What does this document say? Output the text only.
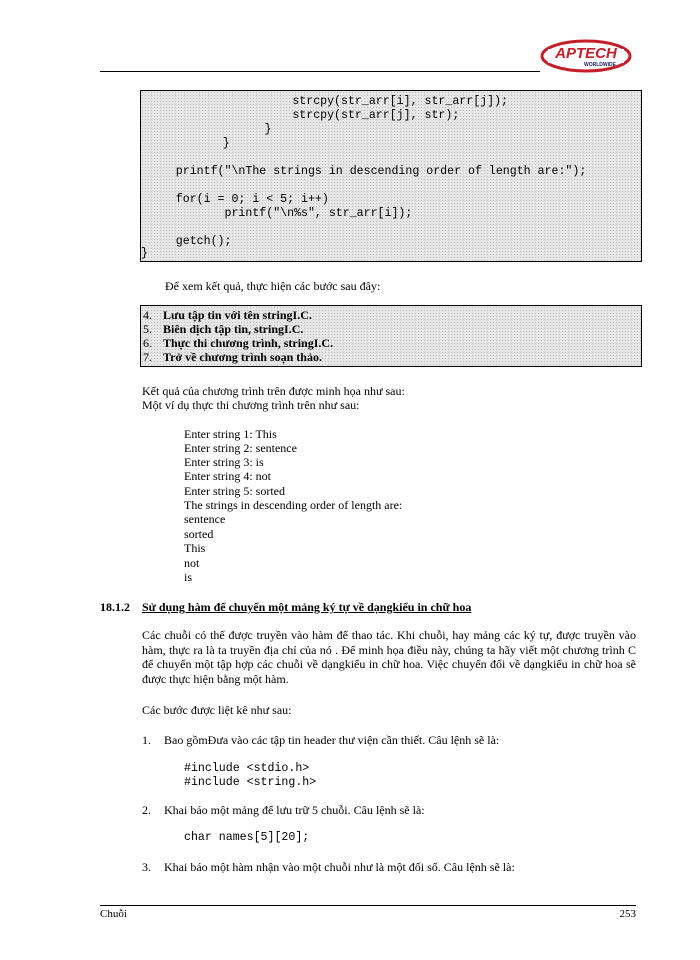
APTECH
WORLDWIDE
strcpy(str_arr[i], str_arr[j]);
strcpy(str_arr[j], str);
}
}
printf("\nThe strings in descending order of length are:");
for(i = 0; i < 5; i++)
printf("\n%s", str_arr[i]);
getch();
}
Để xem kết quả, thực hiện các bước sau đây:
4. Lưu tập tin với tên stringI.C.
5. Biên dịch tập tin, stringI.C.
6. Thực thi chương trình, stringI.C.
7. Trở về chương trình soạn thảo.
Kết quả của chương trình trên được minh họa như sau:
Một ví dụ thực thi chương trình trên như sau:
Enter string 1: This
Enter string 2: sentence
Enter string 3: is
Enter string 4: not
Enter string 5: sorted
The strings in descending order of length are:
sentence
sorted
This
not
is
18.1.2 Sử dụng hàm để chuyển một mảng ký tự về dạngkiểu in chữ hoa
Các chuỗi có thể được truyền vào hàm để thao tác. Khi chuỗi, hay mảng các ký tự, được truyền vào hàm, thực ra là ta truyền địa chỉ của nó . Để minh họa điều này, chúng ta hãy viết một chương trình C để chuyển một tập hợp các chuỗi về dạngkiểu in chữ hoa. Việc chuyển đổi về dạngkiểu in chữ hoa sẽ được thực hiện bằng một hàm.
Các bước được liệt kê như sau:
1. Bao gồmĐưa vào các tập tin header thư viện cần thiết. Câu lệnh sẽ là:
#include <stdio.h>
#include <string.h>
2. Khai báo một mảng để lưu trữ 5 chuỗi. Câu lệnh sẽ là:
char names[5][20];
3. Khai báo một hàm nhận vào một chuỗi như là một đối số. Câu lệnh sẽ là:
Chuỗi	253
